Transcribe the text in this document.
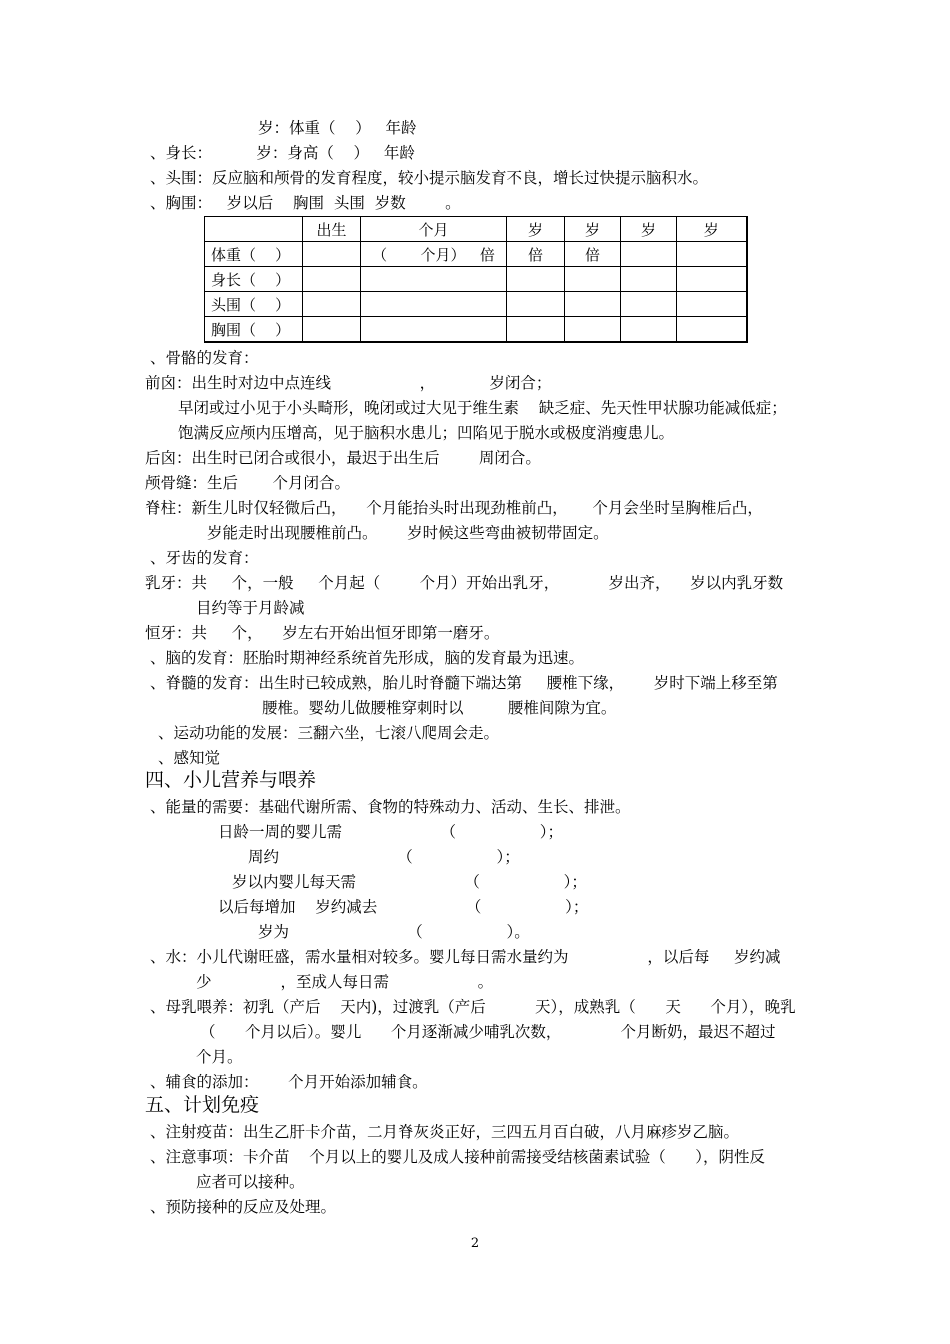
岁：体重（    ）   年龄
、身长：         岁：身高（    ）   年龄
、头围：反应脑和颅骨的发育程度，较小提示脑发育不良，增长过快提示脑积水。
、胸围：   岁以后    胸围  头围  岁数        。
	出生	个月	岁	岁	岁	岁
体重（    ）		（       个月）   倍	倍	倍		
身长（    ）						
头围（    ）						
胸围（    ）						
、骨骼的发育：
前囟：出生时对边中点连线                  ，           岁闭合；
早闭或过小见于小头畸形，晚闭或过大见于维生素    缺乏症、先天性甲状腺功能减低症；
饱满反应颅内压增高，见于脑积水患儿；凹陷见于脱水或极度消瘦患儿。
后囟：出生时已闭合或很小，最迟于出生后        周闭合。
颅骨缝：生后       个月闭合。
脊柱：新生儿时仅轻微后凸，    个月能抬头时出现劲椎前凸，     个月会坐时呈胸椎后凸，
岁能走时出现腰椎前凸。      岁时候这些弯曲被韧带固定。
、牙齿的发育：
乳牙：共     个，一般     个月起（        个月）开始出乳牙，          岁出齐，    岁以内乳牙数
目约等于月龄减
恒牙：共     个，    岁左右开始出恒牙即第一磨牙。
、脑的发育：胚胎时期神经系统首先形成，脑的发育最为迅速。
、脊髓的发育：出生时已较成熟，胎儿时脊髓下端达第     腰椎下缘，      岁时下端上移至第
腰椎。婴幼儿做腰椎穿刺时以         腰椎间隙为宜。
、运动功能的发展：三翻六坐，七滚八爬周会走。
、感知觉
四、小儿营养与喂养
、能量的需要：基础代谢所需、食物的特殊动力、活动、生长、排泄。
日龄一周的婴儿需                    （                 ）；
周约                        （                 ）；
岁以内婴儿每天需                      （                 ）；
以后每增加    岁约减去                  （                 ）；
岁为                        （                 ）。
、水：小儿代谢旺盛，需水量相对较多。婴儿每日需水量约为                ，以后每     岁约减
少              ，至成人每日需                  。
、母乳喂养：初乳（产后    天内)，过渡乳（产后          天），成熟乳（      天      个月），晚乳
（      个月以后）。婴儿      个月逐渐减少哺乳次数，            个月断奶，最迟不超过
个月。
、辅食的添加：      个月开始添加辅食。
五、计划免疫
、注射疫苗：出生乙肝卡介苗，二月脊灰炎正好，三四五月百白破，八月麻疹岁乙脑。
、注意事项：卡介苗    个月以上的婴儿及成人接种前需接受结核菌素试验（      ），阴性反
应者可以接种。
、预防接种的反应及处理。
2
